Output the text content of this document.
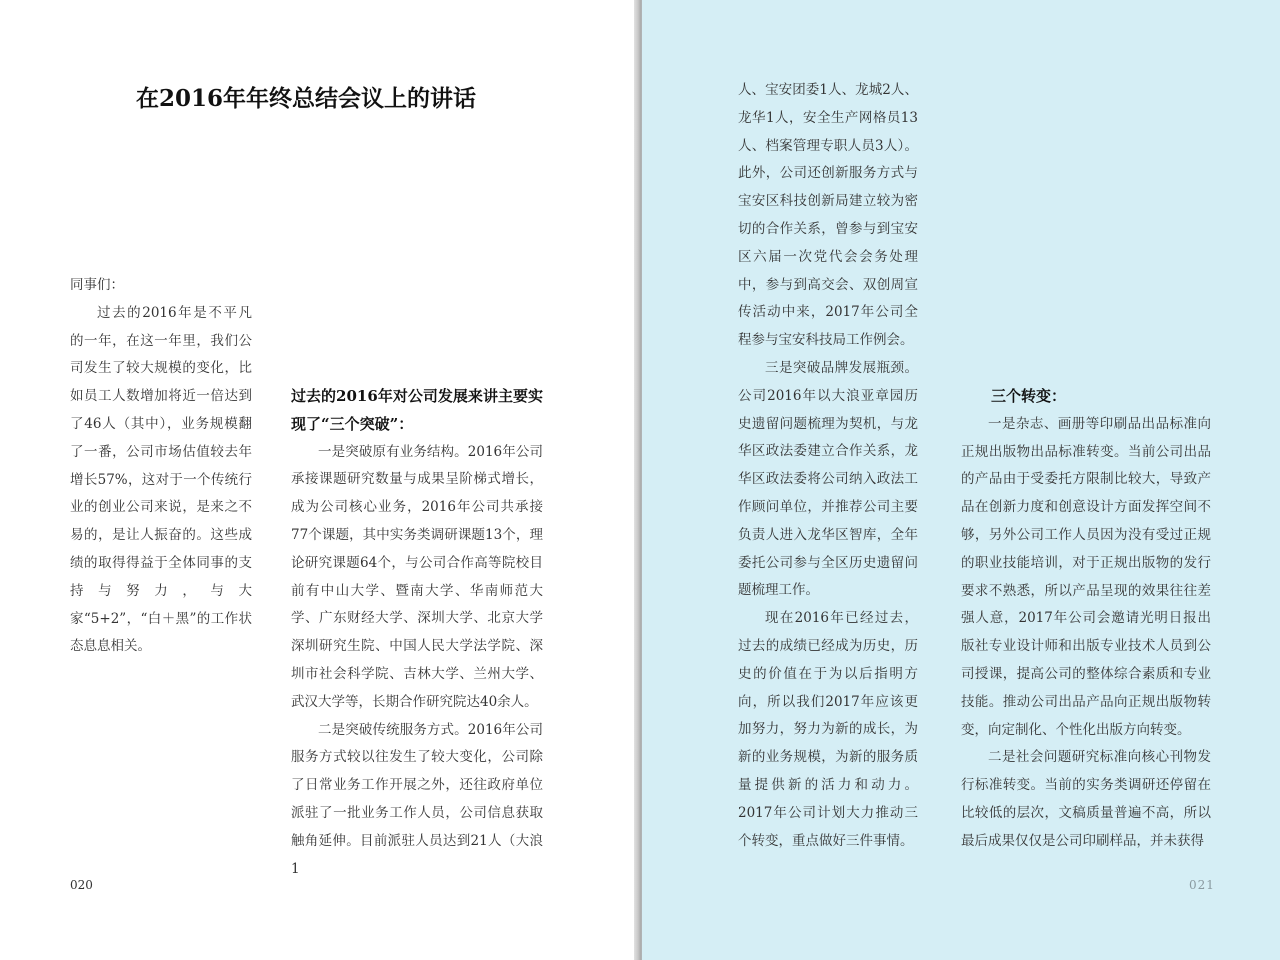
在2016年年终总结会议上的讲话

同事们：

过去的2016年是不平凡的一年，在这一年里，我们公司发生了较大规模的变化，比如员工人数增加将近一倍达到了46人（其中），业务规模翻了一番，公司市场估值较去年增长57%，这对于一个传统行业的创业公司来说，是来之不易的，是让人振奋的。这些成绩的取得得益于全体同事的支持与努力，与大家“5+2”，“白＋黑”的工作状态息息相关。

过去的2016年对公司发展来讲主要实现了“三个突破”：

一是突破原有业务结构。2016年公司承接课题研究数量与成果呈阶梯式增长，成为公司核心业务，2016年公司共承接77个课题，其中实务类调研课题13个，理论研究课题64个，与公司合作高等院校目前有中山大学、暨南大学、华南师范大学、广东财经大学、深圳大学、北京大学深圳研究生院、中国人民大学法学院、深圳市社会科学院、吉林大学、兰州大学、武汉大学等，长期合作研究院达40余人。

二是突破传统服务方式。2016年公司服务方式较以往发生了较大变化，公司除了日常业务工作开展之外，还往政府单位派驻了一批业务工作人员，公司信息获取触角延伸。目前派驻人员达到21人（大浪1

020

人、宝安团委1人、龙城2人、龙华1人，安全生产网格员13人、档案管理专职人员3人）。此外，公司还创新服务方式与宝安区科技创新局建立较为密切的合作关系，曾参与到宝安区六届一次党代会会务处理中，参与到高交会、双创周宣传活动中来，2017年公司全程参与宝安科技局工作例会。

三是突破品牌发展瓶颈。公司2016年以大浪亚章园历史遗留问题梳理为契机，与龙华区政法委建立合作关系，龙华区政法委将公司纳入政法工作顾问单位，并推荐公司主要负责人进入龙华区智库，全年委托公司参与全区历史遗留问题梳理工作。

现在2016年已经过去，过去的成绩已经成为历史，历史的价值在于为以后指明方向，所以我们2017年应该更加努力，努力为新的成长，为新的业务规模，为新的服务质量提供新的活力和动力。2017年公司计划大力推动三个转变，重点做好三件事情。

三个转变：

一是杂志、画册等印刷品出品标准向正规出版物出品标准转变。当前公司出品的产品由于受委托方限制比较大，导致产品在创新力度和创意设计方面发挥空间不够，另外公司工作人员因为没有受过正规的职业技能培训，对于正规出版物的发行要求不熟悉，所以产品呈现的效果往往差强人意，2017年公司会邀请光明日报出版社专业设计师和出版专业技术人员到公司授课，提高公司的整体综合素质和专业技能。推动公司出品产品向正规出版物转变，向定制化、个性化出版方向转变。

二是社会问题研究标准向核心刊物发行标准转变。当前的实务类调研还停留在比较低的层次，文稿质量普遍不高，所以最后成果仅仅是公司印刷样品，并未获得

021
